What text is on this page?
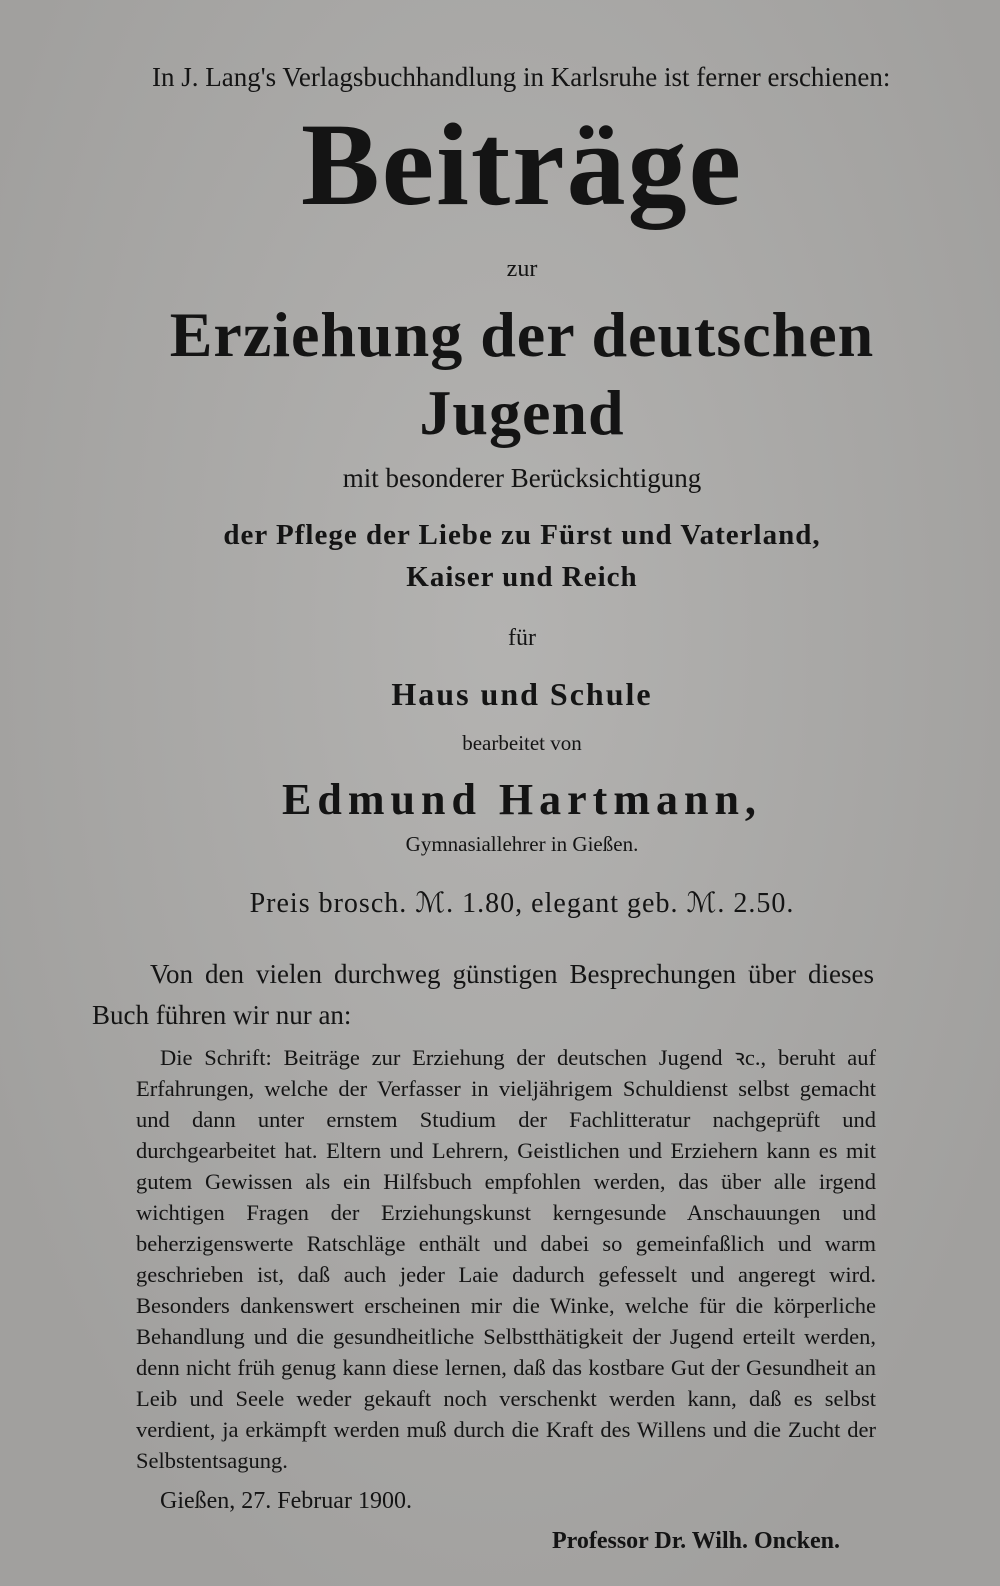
In J. Lang's Verlagsbuchhandlung in Karlsruhe ist ferner erschienen:
Beiträge
zur
Erziehung der deutschen Jugend
mit besonderer Berücksichtigung
der Pflege der Liebe zu Fürst und Vaterland,
Kaiser und Reich
für
Haus und Schule
bearbeitet von
Edmund Hartmann,
Gymnasiallehrer in Gießen.
Preis brosch. ℳ. 1.80, elegant geb. ℳ. 2.50.
Von den vielen durchweg günstigen Besprechungen über dieses Buch führen wir nur an:
Die Schrift: Beiträge zur Erziehung der deutschen Jugend ꝛc., beruht auf Erfahrungen, welche der Verfasser in vieljährigem Schuldienst selbst gemacht und dann unter ernstem Studium der Fachlitteratur nachgeprüft und durchgearbeitet hat. Eltern und Lehrern, Geistlichen und Erziehern kann es mit gutem Gewissen als ein Hilfsbuch empfohlen werden, das über alle irgend wichtigen Fragen der Erziehungskunst kerngesunde Anschauungen und beherzigenswerte Ratschläge enthält und dabei so gemeinfaßlich und warm geschrieben ist, daß auch jeder Laie dadurch gefesselt und angeregt wird. Besonders dankenswert erscheinen mir die Winke, welche für die körperliche Behandlung und die gesundheitliche Selbstthätigkeit der Jugend erteilt werden, denn nicht früh genug kann diese lernen, daß das kostbare Gut der Gesundheit an Leib und Seele weder gekauft noch verschenkt werden kann, daß es selbst verdient, ja erkämpft werden muß durch die Kraft des Willens und die Zucht der Selbstentsagung.
Gießen, 27. Februar 1900.
Professor Dr. Wilh. Oncken.
